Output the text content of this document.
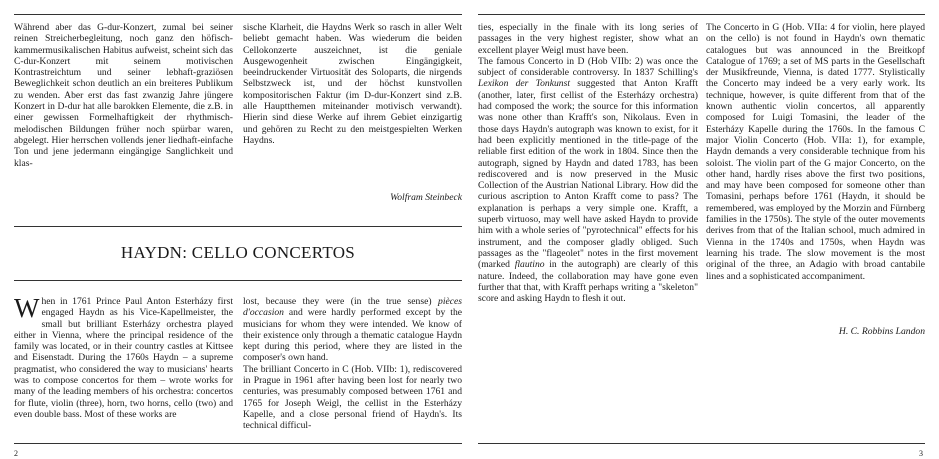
Während aber das G-dur-Konzert, zumal bei seiner reinen Streicherbegleitung, noch ganz den höfisch-kammermusikalischen Habitus aufweist, scheint sich das C-dur-Konzert mit seinem motivischen Kontrastreichtum und seiner lebhaft-graziösen Beweglichkeit schon deutlich an ein breiteres Publikum zu wenden. Aber erst das fast zwanzig Jahre jüngere Konzert in D-dur hat alle barokken Elemente, die z.B. in einer gewissen Formelhaftigkeit der rhythmisch-melodischen Bildungen früher noch spürbar waren, abgelegt. Hier herrschen vollends jener liedhaft-einfache Ton und jene jedermann eingängige Sanglichkeit und klas-

sische Klarheit, die Haydns Werk so rasch in aller Welt beliebt gemacht haben. Was wiederum die beiden Cellokonzerte auszeichnet, ist die geniale Ausgewogenheit zwischen Eingängigkeit, beeindruckender Virtuosität des Soloparts, die nirgends Selbstzweck ist, und der höchst kunstvollen kompositorischen Faktur (im D-dur-Konzert sind z.B. alle Hauptthemen miteinander motivisch verwandt). Hierin sind diese Werke auf ihrem Gebiet einzigartig und gehören zu Recht zu den meistgespielten Werken Haydns.

Wolfram Steinbeck
HAYDN: CELLO CONCERTOS

When in 1761 Prince Paul Anton Esterházy first engaged Haydn as his Vice-Kapellmeister, the small but brilliant Esterházy orchestra played either in Vienna, where the principal residence of the family was located, or in their country castles at Kittsee and Eisenstadt. During the 1760s Haydn – a supreme pragmatist, who considered the way to musicians' hearts was to compose concertos for them – wrote works for many of the leading members of his orchestra: concertos for flute, violin (three), horn, two horns, cello (two) and even double bass. Most of these works are

lost, because they were (in the true sense) pièces d'occasion and were hardly performed except by the musicians for whom they were intended. We know of their existence only through a thematic catalogue Haydn kept during this period, where they are listed in the composer's own hand.

The brilliant Concerto in C (Hob. VIIb: 1), rediscovered in Prague in 1961 after having been lost for nearly two centuries, was presumably composed between 1761 and 1765 for Joseph Weigl, the cellist in the Esterházy Kapelle, and a close personal friend of Haydn's. Its technical difficul-

2

ties, especially in the finale with its long series of passages in the very highest register, show what an excellent player Weigl must have been.

The famous Concerto in D (Hob VIIb: 2) was once the subject of considerable controversy. In 1837 Schilling's Lexikon der Tonkunst suggested that Anton Krafft (another, later, first cellist of the Esterházy orchestra) had composed the work; the source for this information was none other than Krafft's son, Nikolaus. Even in those days Haydn's autograph was known to exist, for it had been explicitly mentioned in the title-page of the reliable first edition of the work in 1804. Since then the autograph, signed by Haydn and dated 1783, has been rediscovered and is now preserved in the Music Collection of the Austrian National Library. How did the curious ascription to Anton Krafft come to pass? The explanation is perhaps a very simple one. Krafft, a superb virtuoso, may well have asked Haydn to provide him with a whole series of "pyrotechnical" effects for his instrument, and the composer gladly obliged. Such passages as the "flageolet" notes in the first movement (marked flautino in the autograph) are clearly of this nature. Indeed, the collaboration may have gone even further that that, with Krafft perhaps writing a "skeleton" score and asking Haydn to flesh it out.

The Concerto in G (Hob. VIIa: 4 for violin, here played on the cello) is not found in Haydn's own thematic catalogues but was announced in the Breitkopf Catalogue of 1769; a set of MS parts in the Gesellschaft der Musikfreunde, Vienna, is dated 1777. Stylistically the Concerto may indeed be a very early work. Its technique, however, is quite different from that of the known authentic violin concertos, all apparently composed for Luigi Tomasini, the leader of the Esterházy Kapelle during the 1760s. In the famous C major Violin Concerto (Hob. VIIa: 1), for example, Haydn demands a very considerable technique from his soloist. The violin part of the G major Concerto, on the other hand, hardly rises above the first two positions, and may have been composed for someone other than Tomasini, perhaps before 1761 (Haydn, it should be remembered, was employed by the Morzin and Fürnberg families in the 1750s). The style of the outer movements derives from that of the Italian school, much admired in Vienna in the 1740s and 1750s, when Haydn was learning his trade. The slow movement is the most original of the three, an Adagio with broad cantabile lines and a sophisticated accompaniment.

H. C. Robbins Landon
3
